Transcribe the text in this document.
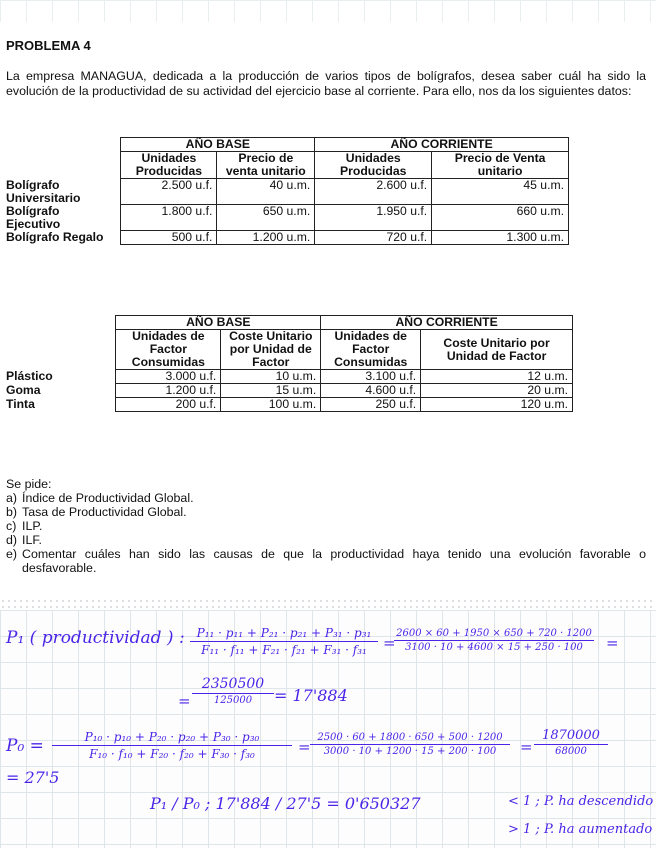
PROBLEMA 4
La empresa MANAGUA, dedicada a la producción de varios tipos de bolígrafos, desea saber cuál ha sido la evolución de la productividad de su actividad del ejercicio base al corriente. Para ello, nos da los siguientes datos:
	AÑO BASE		AÑO CORRIENTE	
	Unidades Producidas	Precio de venta unitario	Unidades Producidas	Precio de Venta unitario
Bolígrafo Universitario	2.500 u.f.	40 u.m.	2.600 u.f.	45 u.m.
Bolígrafo Ejecutivo	1.800 u.f.	650 u.m.	1.950 u.f.	660 u.m.
Bolígrafo Regalo	500 u.f.	1.200 u.m.	720 u.f.	1.300 u.m.
	AÑO BASE		AÑO CORRIENTE	
	Unidades de Factor Consumidas	Coste Unitario por Unidad de Factor	Unidades de Factor Consumidas	Coste Unitario por Unidad de Factor
Plástico	3.000 u.f.	10 u.m.	3.100 u.f.	12 u.m.
Goma	1.200 u.f.	15 u.m.	4.600 u.f.	20 u.m.
Tinta	200 u.f.	100 u.m.	250 u.f.	120 u.m.
Se pide:
a) Índice de Productividad Global.
b) Tasa de Productividad Global.
c) ILP.
d) ILF.
e) Comentar cuáles han sido las causas de que la productividad haya tenido una evolución favorable o desfavorable.
P₁ ( productividad ) : $\frac{\text{P₁₁ · p₁₁ + P₂₁ · p₂₁ + P₃₁ · p₃₁}}{\text{F₁₁ · f₁₁ + F₂₁ · f₂₁ + F₃₁ · f₃₁}}$ =
$\frac{2600 \times 60 + 1950 \times 650 + 720 \cdot 1200}{3100 \cdot 10 + 4600 \times 15 + 250 \cdot 100}$ =
=
2350500
125000	= 17'884
$P_0 = \frac{\text{P₁₀ · p₁₀ + P₂₀ · p₂₀ + P₃₀ · p₃₀}}{\text{F₁₀ · f₁₀ + F₂₀ · f₂₀ + F₃₀ · f₃₀}} = \frac{2500 \cdot 60 + 1800 \cdot 650 + 500 \cdot 1200}{3000 \cdot 10 + 1200 \cdot 15 + 200 \cdot 100}$ =
1870000
68000
= 27'5
P₁ / P₀ ; 17'884 / 27'5 = 0'650327	< 1 ; P. ha descendido
> 1 ; P. ha aumentado
